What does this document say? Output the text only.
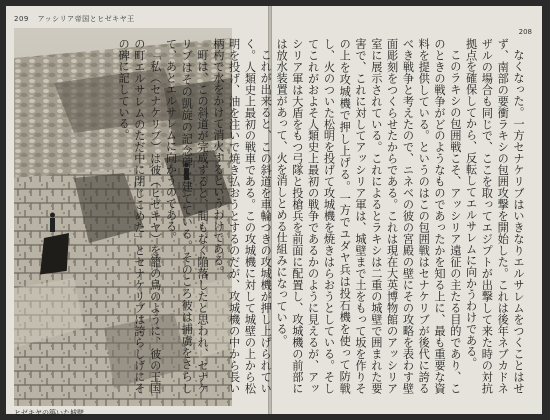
209 アッシリア帝国とヒゼキヤ王
ヒゼキヤの築いた城壁
208

なくなった。一方セナケリブはいきなりエルサレムをつくことはせず、南部の要衝ラキシの包囲攻撃を開始した。これは後年ネブカドネザルの場合も同じで、ここを取ってエジプトが出撃して来た時の対抗拠点を確保してから、反転してエルサレムに向かうわけである。

このラキシの包囲戦こそ、アッシリア遠征の主たる目的であり、このときの戦争がどのようなものであったかを知る上に、最も重要な資料を提供している。というのはこの包囲戦はセナケリブが後代に誇るべき戦争と考えたので、ニネベの彼の宮殿の壁にその攻略を表わす壁面彫刻をつくらせたからである。これは現在大英博物館のアッシリア室に展示されている。これによるとラキシは二重の城壁で囲まれた要害で、これに対してアッシリア軍は、城壁まで土をもって坂を作りその上を攻城機で押し上げる。一方でユダヤ兵は投石機を使って防戦し、火のついた松明を投げて攻城機を焼きはらおうとしている。そしてこれがおよそ人類史上最初の戦争であるかのように見えるが、アッシリア軍は大盾をもつ弓隊と投槍兵を前面に配置し、攻城機の前部には放水装置があって、火を消しとめる仕組みになっている。

これが出来ると、この斜道を車輪つきの攻城機が押し上げられていく。人類史上最初の戦車である。この攻城機に対して城壁の上から松明を投げ、油を注いで焼き払おうとするのだが、攻城機の中から長い柄杓で水をかけて消火するというわけである。

町は、この斜道が完成すると、間もなく陥落したと思われ、セナケリブはその凱旋の記念碑を建てている。そのころ彼は捕虜をさらして、あとエルサレムに向かうのである。

「私（セナケリブ）は彼（ヒゼキヤ）を籠の鳥のように、彼の王国の町エルサレムのただ中に閉じこめた」とセナケリブは誇らしげにその碑に記している。
